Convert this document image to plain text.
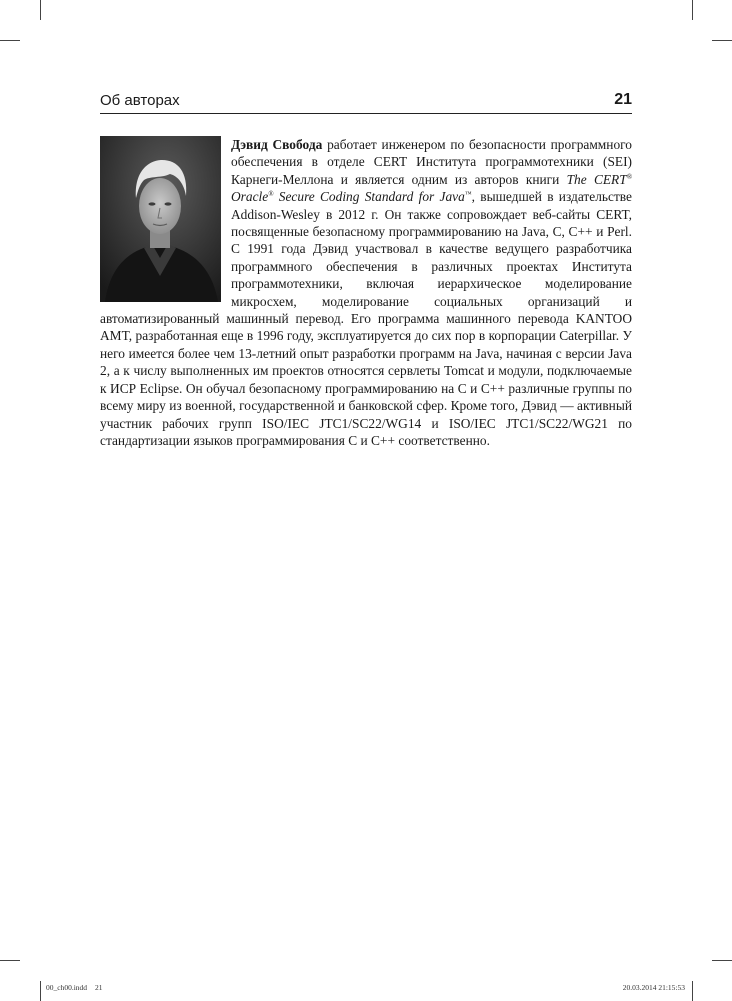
Об авторах	21
Дэвид Свобода работает инженером по безопасности программного обеспечения в отделе CERT Института программотехники (SEI) Карнеги-Меллона и является одним из авторов книги The CERT® Oracle® Secure Coding Standard for Java™, вышедшей в издательстве Addison-Wesley в 2012 г. Он также сопровождает веб-сайты CERT, посвященные безопасному программированию на Java, C, C++ и Perl. С 1991 года Дэвид участвовал в качестве ведущего разработчика программного обеспечения в различных проектах Института программотехники, включая иерархическое моделирование микросхем, моделирование социальных организаций и автоматизированный машинный перевод. Его программа машинного перевода KANTOO AMT, разработанная еще в 1996 году, эксплуатируется до сих пор в корпорации Caterpillar. У него имеется более чем 13-летний опыт разработки программ на Java, начиная с версии Java 2, а к числу выполненных им проектов относятся сервлеты Tomcat и модули, подключаемые к ИСР Eclipse. Он обучал безопасному программированию на C и C++ различные группы по всему миру из военной, государственной и банковской сфер. Кроме того, Дэвид — активный участник рабочих групп ISO/IEC JTC1/SC22/WG14 и ISO/IEC JTC1/SC22/WG21 по стандартизации языков программирования C и C++ соответственно.
00_ch00.indd 21	20.03.2014 21:15:53
